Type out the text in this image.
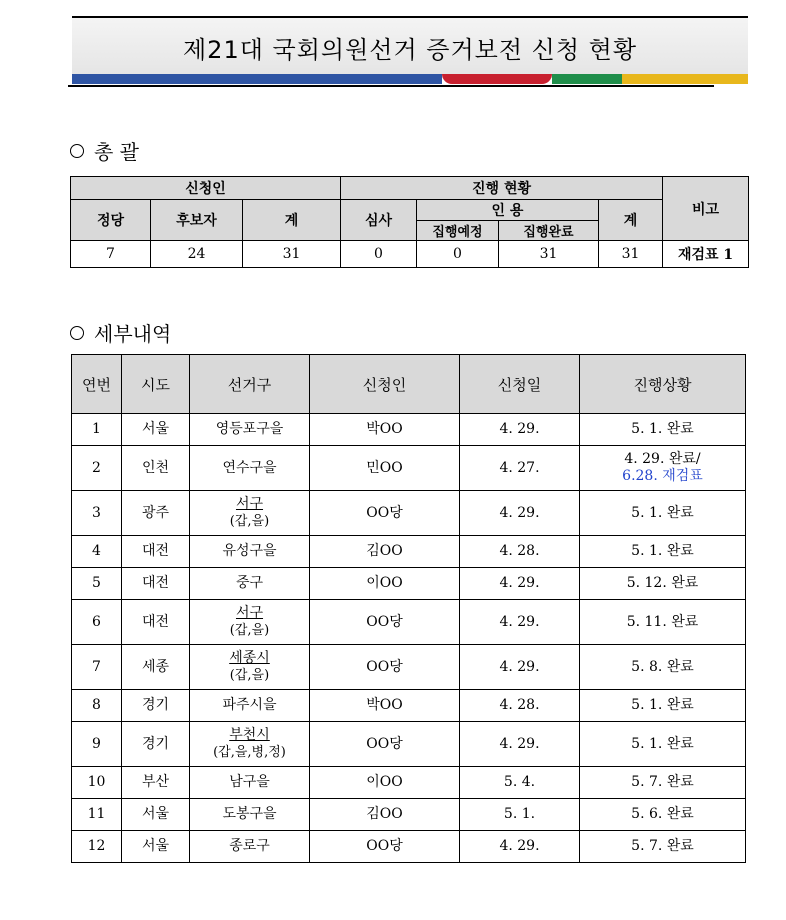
제21대 국회의원선거 증거보전 신청 현황
총 괄
신청인			진행 현황				비고
정당	후보자	계	심사	인 용		계	
				집행예정	집행완료		
7	24	31	0	0	31	31	재검표 1
세부내역
연번	시도	선거구	신청인	신청일	진행상황
1	서울	영등포구을	박OO	4. 29.	5. 1. 완료
2	인천	연수구을	민OO	4. 27.	4. 29. 완료/
6.28. 재검표
3	광주	서구
(갑,을)	OO당	4. 29.	5. 1. 완료
4	대전	유성구을	김OO	4. 28.	5. 1. 완료
5	대전	중구	이OO	4. 29.	5. 12. 완료
6	대전	서구
(갑,을)	OO당	4. 29.	5. 11. 완료
7	세종	세종시
(갑,을)	OO당	4. 29.	5. 8. 완료
8	경기	파주시을	박OO	4. 28.	5. 1. 완료
9	경기	부천시
(갑,을,병,정)	OO당	4. 29.	5. 1. 완료
10	부산	남구을	이OO	5. 4.	5. 7. 완료
11	서울	도봉구을	김OO	5. 1.	5. 6. 완료
12	서울	종로구	OO당	4. 29.	5. 7. 완료
